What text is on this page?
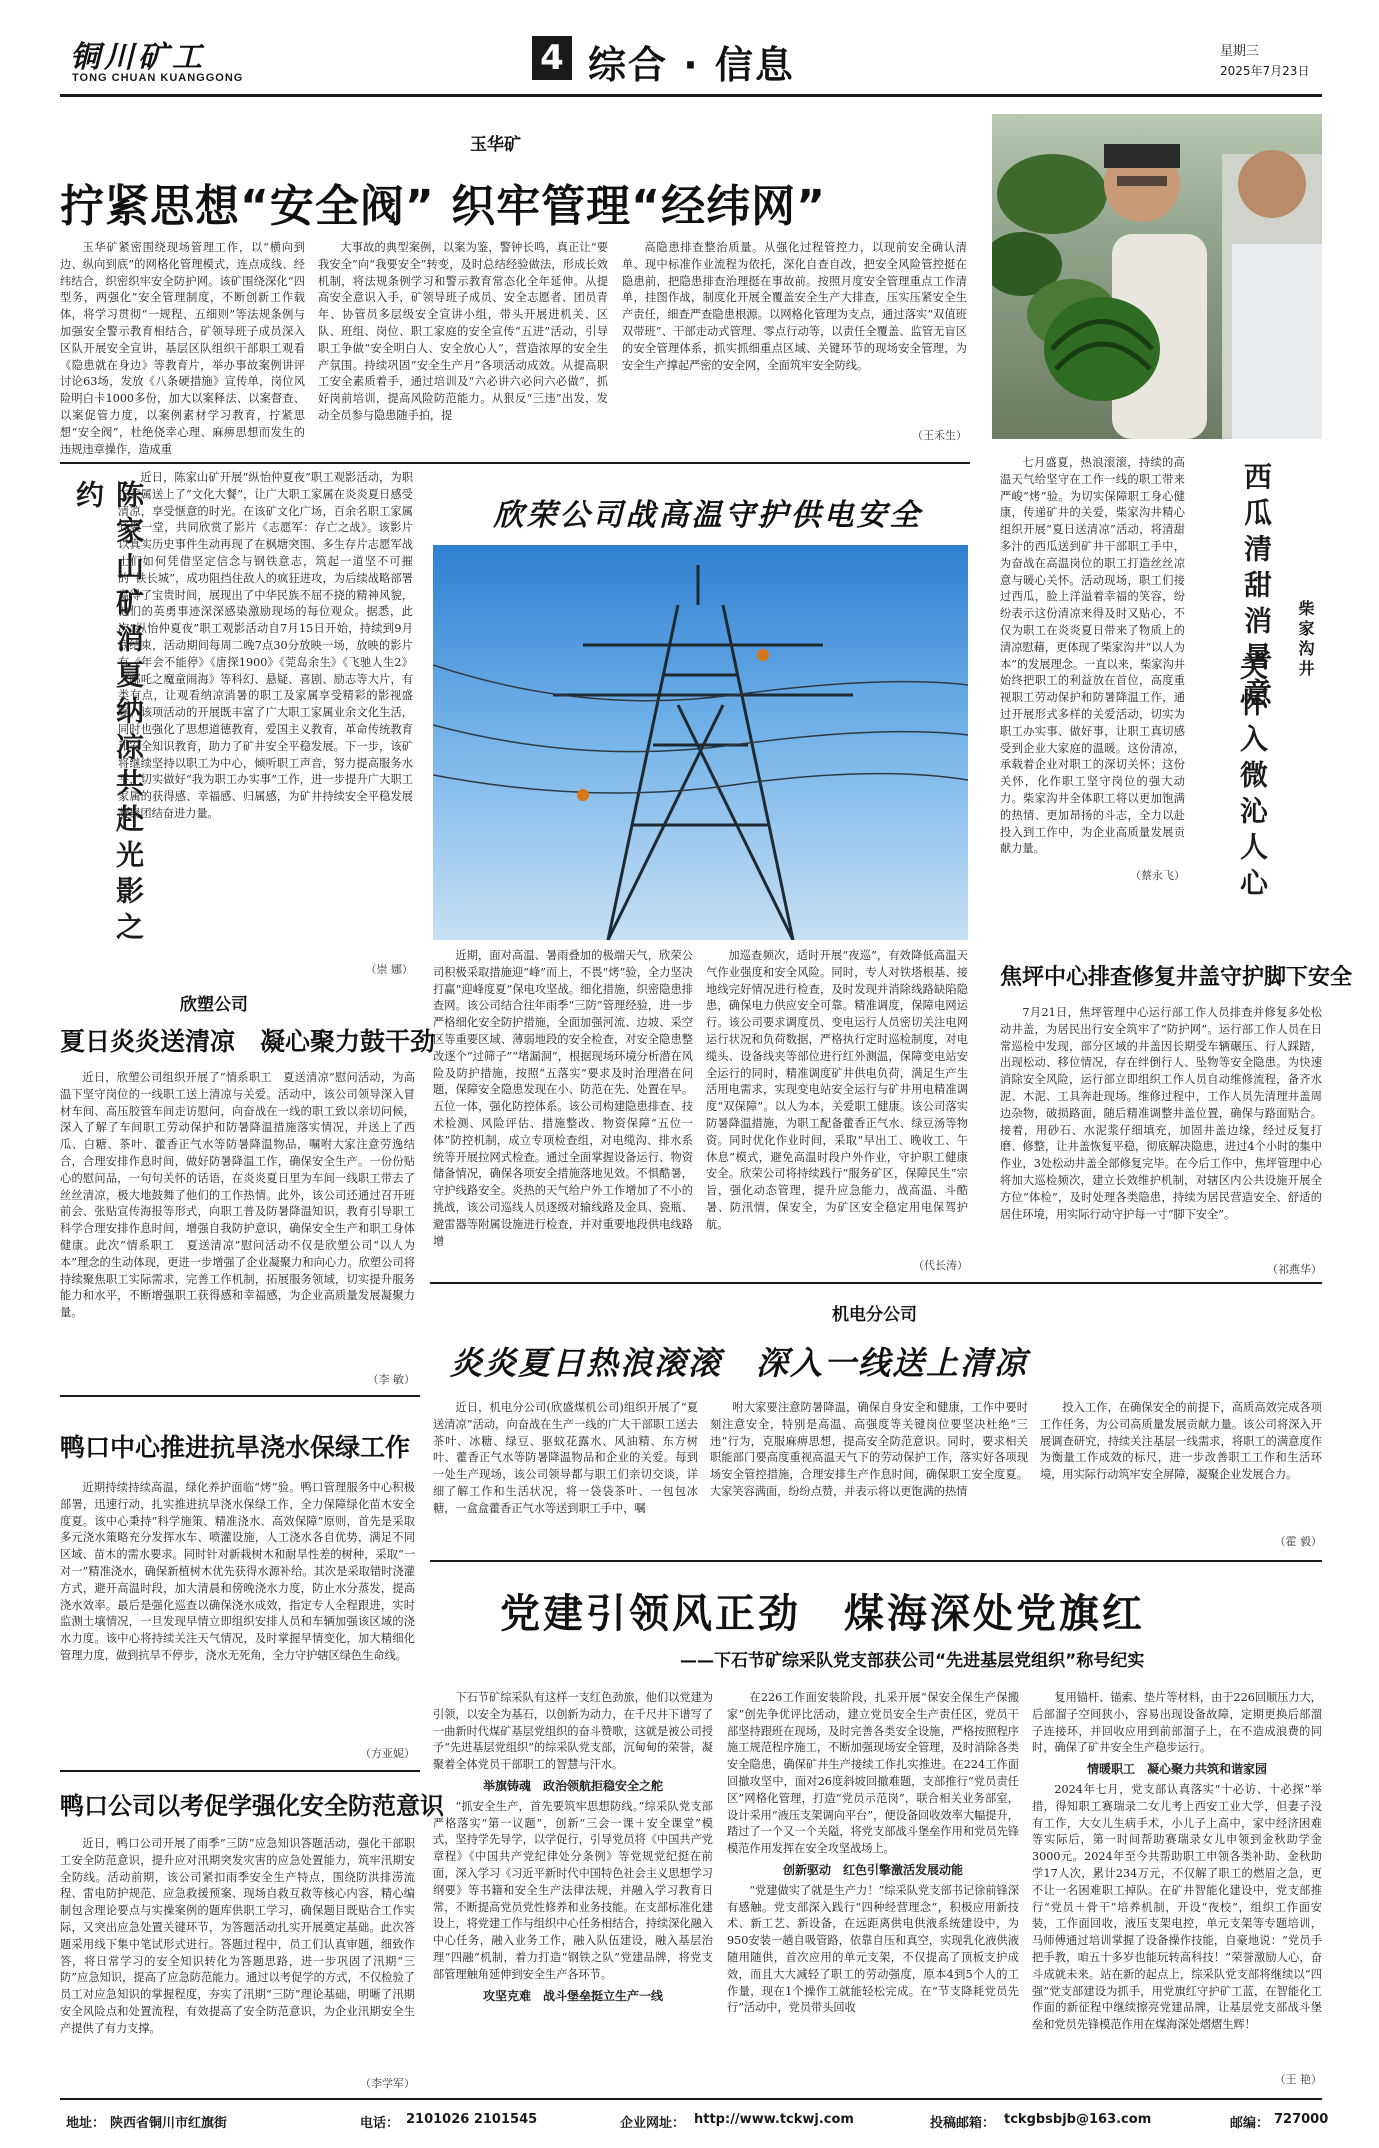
铜川矿工
TONG CHUAN KUANGGONG	4 综合 · 信息	星期三
2025年7月23日
玉华矿
拧紧思想“安全阀” 织牢管理“经纬网”

玉华矿紧密围绕现场管理工作，以“横向到边、纵向到底”的网格化管理模式，连点成线、经纬结合，织密织牢安全防护网。该矿围绕深化“四型务，两强化”安全管理制度，不断创新工作载体，将学习贯彻“一规程、五细则”等法规条例与加强安全警示教育相结合，矿领导班子成员深入区队开展安全宣讲，基层区队组织干部职工观看《隐患就在身边》等教育片，举办事故案例讲评讨论63场，发放《八条硬措施》宣传单，岗位风险明白卡1000多份，加大以案释法、以案督查、以案促管力度，以案例素材学习教育，拧紧思想“安全阀”，杜绝侥幸心理、麻痹思想而发生的违规违章操作，造成重

大事故的典型案例，以案为鉴，警钟长鸣，真正让“要我安全”向“我要安全”转变，及时总结经验做法，形成长效机制，将法规条例学习和警示教育常态化全年延伸。从提高安全意识入手，矿领导班子成员、安全志愿者、团员青年、协管员多层级安全宣讲小组，带头开展进机关、区队、班组、岗位、职工家庭的安全宣传“五进”活动，引导职工争做“安全明白人、安全放心人”，营造浓厚的安全生产氛围。持续巩固“安全生产月”各项活动成效。从提高职工安全素质着手，通过培训及“六必讲六必问六必做”，抓好岗前培训，提高风险防范能力。从狠反“三违”出发，发动全员参与隐患随手拍，提

高隐患排查整治质量。从强化过程管控力，以现前安全确认清单、现中标准作业流程为依托，深化自查自改，把安全风险管控挺在隐患前，把隐患排查治理挺在事故前。按照月度安全管理重点工作清单，挂图作战，制度化开展全覆盖安全生产大排查，压实压紧安全生产责任，细查严查隐患根源。以网格化管理为支点，通过落实“双值班双带班”、干部走动式管理、零点行动等，以责任全覆盖、监管无盲区的安全管理体系，抓实抓细重点区域、关键环节的现场安全管理，为安全生产撑起严密的安全网，全面筑牢安全防线。

（王禾生）
陈家山矿消夏纳凉共赴光影之约

近日，陈家山矿开展“纵怡仲夏夜”职工观影活动，为职工家属送上了“文化大餐”，让广大职工家属在炎炎夏日感受清凉，享受惬意的时光。在该矿文化广场，百余名职工家属齐聚一堂，共同欣赏了影片《志愿军：存亡之战》。该影片以真实历史事件生动再现了在枫塘突围、多生存片志愿军战士们如何凭借坚定信念与钢铁意志，筑起一道坚不可摧的“铁长城”，成功阻挡住敌人的疯狂进攻，为后续战略部署赢得了宝贵时间，展现出了中华民族不屈不挠的精神风貌，他们的英勇事迹深深感染激励现场的每位观众。据悉，此次“纵怡仲夏夜”职工观影活动自7月15日开始，持续到9月底结束，活动期间每周二晚7点30分放映一场，放映的影片有《年会不能停》《唐探1900》《莞岛余生》《飞驰人生2》《哪吒之魔童闹海》等科幻、悬疑、喜剧、励志等大片，有类有点，让观看纳凉消暑的职工及家属享受精彩的影视盛宴。该项活动的开展既丰富了广大职工家属业余文化生活，同时也强化了思想道德教育，爱国主义教育，革命传统教育和安全知识教育，助力了矿井安全平稳发展。下一步，该矿将继续坚持以职工为中心，倾听职工声音，努力提高服务水平，切实做好“我为职工办实事”工作，进一步提升广大职工家属的获得感、幸福感、归属感，为矿井持续安全平稳发展凝聚团结奋进力量。

（崇 娜）
欣荣公司战高温守护供电安全

近期，面对高温、暑雨叠加的极端天气，欣荣公司积极采取措施迎“峰”而上，不畏“烤”验，全力坚决打赢“迎峰度夏”保电攻坚战。细化措施，织密隐患排查网。该公司结合往年雨季“三防”管理经验，进一步严格细化安全防护措施，全面加强河流、边坡、采空区等重要区域、薄弱地段的安全检查，对安全隐患整改逐个“过筛子”“堵漏洞”，根据现场环境分析潜在风险及防护措施，按照“五落实”要求及时治理潜在问题，保障安全隐患发现在小、防范在先、处置在早。五位一体，强化防控体系。该公司构建隐患排查、技术检测、风险评估、措施整改、物资保障“五位一体”防控机制，成立专项检查组，对电缆沟、排水系统等开展拉网式检查。通过全面掌握设备运行、物资储备情况，确保各项安全措施落地见效。不惧酷暑，守护线路安全。炎热的天气给户外工作增加了不小的挑战，该公司巡线人员逐级对输线路及金具、瓷瓶、避雷器等附属设施进行检查，并对重要地段供电线路增

加巡查频次，适时开展“夜巡”，有效降低高温天气作业强度和安全风险。同时，专人对铁塔根基、接地线完好情况进行检查，及时发现并消除线路缺陷隐患，确保电力供应安全可靠。精准调度，保障电网运行。该公司要求调度员、变电运行人员密切关注电网运行状况和负荷数据，严格执行定时巡检制度，对电缆头、设备线夹等部位进行红外测温，保障变电站安全运行的同时，精准调度矿井供电负荷，满足生产生活用电需求，实现变电站安全运行与矿井用电精准调度“双保障”。以人为本，关爱职工健康。该公司落实防暑降温措施，为职工配备藿香正气水、绿豆汤等物资。同时优化作业时间，采取“早出工、晚收工、午休息”模式，避免高温时段户外作业，守护职工健康安全。欣荣公司将持续践行“服务矿区，保障民生”宗旨，强化动态管理，提升应急能力，战高温、斗酷暑、防汛情，保安全，为矿区安全稳定用电保驾护航。

（代长涛）

七月盛夏，热浪滚滚，持续的高温天气给坚守在工作一线的职工带来严峻“烤”验。为切实保障职工身心健康，传递矿井的关爱，柴家沟井精心组织开展“夏日送清凉”活动，将清甜多汁的西瓜送到矿井干部职工手中，为奋战在高温岗位的职工打造丝丝凉意与暖心关怀。活动现场，职工们接过西瓜，脸上洋溢着幸福的笑容，纷纷表示这份清凉来得及时又贴心，不仅为职工在炎炎夏日带来了物质上的清凉慰藉，更体现了柴家沟井“以人为本”的发展理念。一直以来，柴家沟井始终把职工的利益放在首位，高度重视职工劳动保护和防暑降温工作，通过开展形式多样的关爱活动，切实为职工办实事、做好事，让职工真切感受到企业大家庭的温暖。这份清凉，承载着企业对职工的深切关怀；这份关怀，化作职工坚守岗位的强大动力。柴家沟井全体职工将以更加饱满的热情、更加昂扬的斗志，全力以赴投入到工作中，为企业高质量发展贡献力量。

（蔡永飞）
西瓜清甜消暑意
关怀入微沁人心
柴家沟井
欣塑公司
夏日炎炎送清凉　凝心聚力鼓干劲

近日，欣塑公司组织开展了“情系职工　夏送清凉”慰问活动，为高温下坚守岗位的一线职工送上清凉与关爱。活动中，该公司领导深入冒材车间、高压胶管车间走访慰问，向奋战在一线的职工致以亲切问候，深入了解了车间职工劳动保护和防暑降温措施落实情况，并送上了西瓜、白糖、茶叶、藿香正气水等防暑降温物品，嘱咐大家注意劳逸结合，合理安排作息时间，做好防暑降温工作，确保安全生产。一份份贴心的慰问品，一句句关怀的话语，在炎炎夏日里为车间一线职工带去了丝丝清凉，极大地鼓舞了他们的工作热情。此外，该公司还通过召开班前会、张贴宣传海报等形式，向职工普及防暑降温知识，教育引导职工科学合理安排作息时间，增强自我防护意识，确保安全生产和职工身体健康。此次“情系职工　夏送清凉”慰问活动不仅是欣塑公司“以人为本”理念的生动体现，更进一步增强了企业凝聚力和向心力。欣塑公司将持续聚焦职工实际需求，完善工作机制，拓展服务领域，切实提升服务能力和水平，不断增强职工获得感和幸福感，为企业高质量发展凝聚力量。

（李 敏）
焦坪中心排查修复井盖守护脚下安全

7月21日，焦坪管理中心运行部工作人员排查并修复多处松动井盖，为居民出行安全筑牢了“防护网”。运行部工作人员在日常巡检中发现，部分区域的井盖因长期受车辆碾压、行人踩踏，出现松动、移位情况，存在绊倒行人、坠物等安全隐患。为快速消除安全风险，运行部立即组织工作人员自动维修流程，备齐水泥、木泥、工具奔赴现场。维修过程中，工作人员先清理井盖周边杂物，破损路面，随后精准调整井盖位置，确保与路面贴合。接着，用砂石、水泥浆仔细填充，加固井盖边缘，经过反复打磨、修整，让井盖恢复平稳，彻底解决隐患，进过4个小时的集中作业，3处松动井盖全部修复完毕。在今后工作中，焦坪管理中心将加大巡检频次，建立长效维护机制，对辖区内公共设施开展全方位“体检”，及时处理各类隐患，持续为居民营造安全、舒适的居住环境，用实际行动守护每一寸“脚下安全”。

（祁燕华）
机电分公司
炎炎夏日热浪滚滚　深入一线送上清凉

近日，机电分公司(欣盛煤机公司)组织开展了“夏送清凉”活动，向奋战在生产一线的广大干部职工送去茶叶、冰糖、绿豆、驱蚊花露水、风油精、东方树叶、藿香正气水等防暑降温物品和企业的关爱。每到一处生产现场，该公司领导都与职工们亲切交谈，详细了解工作和生活状况，将一袋袋茶叶、一包包冰糖，一盒盒藿香正气水等送到职工手中，嘱

咐大家要注意防暑降温，确保自身安全和健康，工作中要时刻注意安全，特别是高温、高强度等关键岗位要坚决杜绝“三违”行为，克服麻痹思想，提高安全防范意识。同时，要求相关职能部门要高度重视高温天气下的劳动保护工作，落实好各项现场安全管控措施，合理安排生产作息时间，确保职工安全度夏。大家笑容满面，纷纷点赞，并表示将以更饱满的热情

投入工作，在确保安全的前提下，高质高效完成各项工作任务，为公司高质量发展贡献力量。该公司将深入开展调查研究，持续关注基层一线需求，将职工的满意度作为衡量工作成效的标尺，进一步改善职工工作和生活环境，用实际行动筑牢安全屏障，凝聚企业发展合力。

（霍 毅）
鸭口中心推进抗旱浇水保绿工作

近期持续持续高温，绿化养护面临“烤”验。鸭口管理服务中心积极部署，迅速行动，扎实推进抗旱浇水保绿工作，全力保障绿化苗木安全度夏。该中心秉持“科学施策、精准浇水、高效保障”原则，首先是采取多元浇水策略充分发挥水车、喷灌设施，人工浇水各自优势，满足不同区域、苗木的需水要求。同时针对新栽树木和耐旱性差的树种，采取“一对一”精准浇水，确保新植树木优先获得水源补给。其次是采取错时浇灌方式，避开高温时段，加大清晨和傍晚浇水力度，防止水分蒸发，提高浇水效率。最后是强化巡查以确保浇水成效，指定专人全程跟进，实时监测土壤情况，一旦发现早情立即组织安排人员和车辆加强该区域的浇水力度。该中心将持续关注天气情况，及时掌握早情变化，加大精细化管理力度，做到抗旱不停步，浇水无死角，全力守护辖区绿色生命线。

（方亚妮）
鸭口公司以考促学强化安全防范意识

近日，鸭口公司开展了雨季“三防”应急知识答题活动，强化干部职工安全防范意识，提升应对汛期突发灾害的应急处置能力，筑牢汛期安全防线。活动前期，该公司紧扣雨季安全生产特点，围绕防洪排涝流程、雷电防护规范、应急救援预案、现场自救互救等核心内容，精心编制包含理论要点与实操案例的题库供职工学习，确保题目既贴合工作实际，又突出应急处置关键环节，为答题活动扎实开展奠定基础。此次答题采用线下集中笔试形式进行。答题过程中，员工们认真审题，细致作答，将日常学习的安全知识转化为答题思路，进一步巩固了汛期“三防”应急知识，提高了应急防范能力。通过以考促学的方式，不仅检验了员工对应急知识的掌握程度，夯实了汛期“三防”理论基础，明晰了汛期安全风险点和处置流程，有效提高了安全防范意识，为企业汛期安全生产提供了有力支撑。

（李学军）
党建引领风正劲　煤海深处党旗红
——下石节矿综采队党支部获公司“先进基层党组织”称号纪实

下石节矿综采队有这样一支红色劲旅，他们以党建为引领，以安全为基石，以创新为动力，在千尺井下谱写了一曲新时代煤矿基层党组织的奋斗赞歌，这就是被公司授予“先进基层党组织”的综采队党支部，沉甸甸的荣誉，凝聚着全体党员干部职工的智慧与汗水。

举旗铸魂　政治领航拒稳安全之舵

“抓安全生产，首先要筑牢思想防线。”综采队党支部严格落实“第一议题”，创新“三会一课＋安全课堂”模式，坚持学先导学，以学促行，引导党员将《中国共产党章程》《中国共产党纪律处分条例》等党规党纪挺在前面，深入学习《习近平新时代中国特色社会主义思想学习纲要》等书籍和安全生产法律法规，并融入学习教育日常，不断提高党员党性修养和业务技能。在支部标准化建设上，将党建工作与组织中心任务相结合，持续深化融入中心任务，融入业务工作，融入队伍建设，融入基层治理“四融”机制，着力打造“钢铁之队”党建品牌，将党支部管理触角延伸到安全生产各环节。

攻坚克难　战斗堡垒挺立生产一线

在226工作面安装阶段，扎采开展“保安全保生产保搬家”创先争优评比活动，建立党员安全生产责任区，党员干部坚持跟班在现场，及时完善各类安全设施，严格按照程序施工规范程序施工，不断加强现场安全管理，及时消除各类安全隐患，确保矿井生产接续工作扎实推进。在224工作面回撤攻坚中，面对26度斜坡回撤难题，支部推行“党员责任区”网格化管理，打造“党员示范岗”，联合相关业务部室，设计采用“液压支架调向平台”，便设备回收效率大幅提升，踏过了一个又一个关隘，将党支部战斗堡垒作用和党员先锋模范作用发挥在安全攻坚战场上。

创新驱动　红色引擎激活发展动能

“党建做实了就是生产力！”综采队党支部书记徐前锋深有感触。党支部深入践行“四种经营理念”，积极应用新技术、新工艺、新设备，在远距离供电供液系统建设中，为950安装一趟自吸管路，依靠自压和真空，实现乳化液供液随用随供，首次应用的单元支架，不仅提高了顶板支护成效，而且大大减轻了职工的劳动强度，原本4到5个人的工作量，现在1个操作工就能轻松完成。在“节支降耗党员先行”活动中，党员带头回收

复用锚杆、锚索、垫片等材料，由于226回顺压力大，后部溜子空间狭小，容易出现设备故障，定期更换后部溜子连接环，并回收应用到前部溜子上，在不造成浪费的同时，确保了矿井安全生产稳步运行。

情暖职工　凝心聚力共筑和谐家园

2024年七月，党支部认真落实“十必访、十必探”举措，得知职工赛瑞录二女儿考上西安工业大学，但妻子没有工作，大女儿生病手术，小儿子上高中，家中经济困难等实际后，第一时间帮助赛瑞录女儿申领到金秋助学金3000元。2024年至今共帮助职工申领各类补助、金秋助学17人次，累计234万元，不仅解了职工的燃眉之急，更不让一名困难职工掉队。在矿井智能化建设中，党支部推行“党员＋骨干”培养机制，开设“夜校”，组织工作面安装，工作面回收，液压支架电控，单元支架等专题培训，马师傅通过培训掌握了设备操作技能，自豪地说：“党员手把手教，咱五十多岁也能玩转高科技！”荣誉激励人心，奋斗成就未来。站在新的起点上，综采队党支部将继续以“四强”党支部建设为抓手，用党旗红守护矿工蓝，在智能化工作面的新征程中继续擦亮党建品牌，让基层党支部战斗堡垒和党员先锋模范作用在煤海深处熠熠生辉！

（王 艳）
地址： 陕西省铜川市红旗街	电话： 2101026 2101545	企业网址： http://www.tckwj.com	投稿邮箱： tckgbsbjb@163.com	邮编： 727000
